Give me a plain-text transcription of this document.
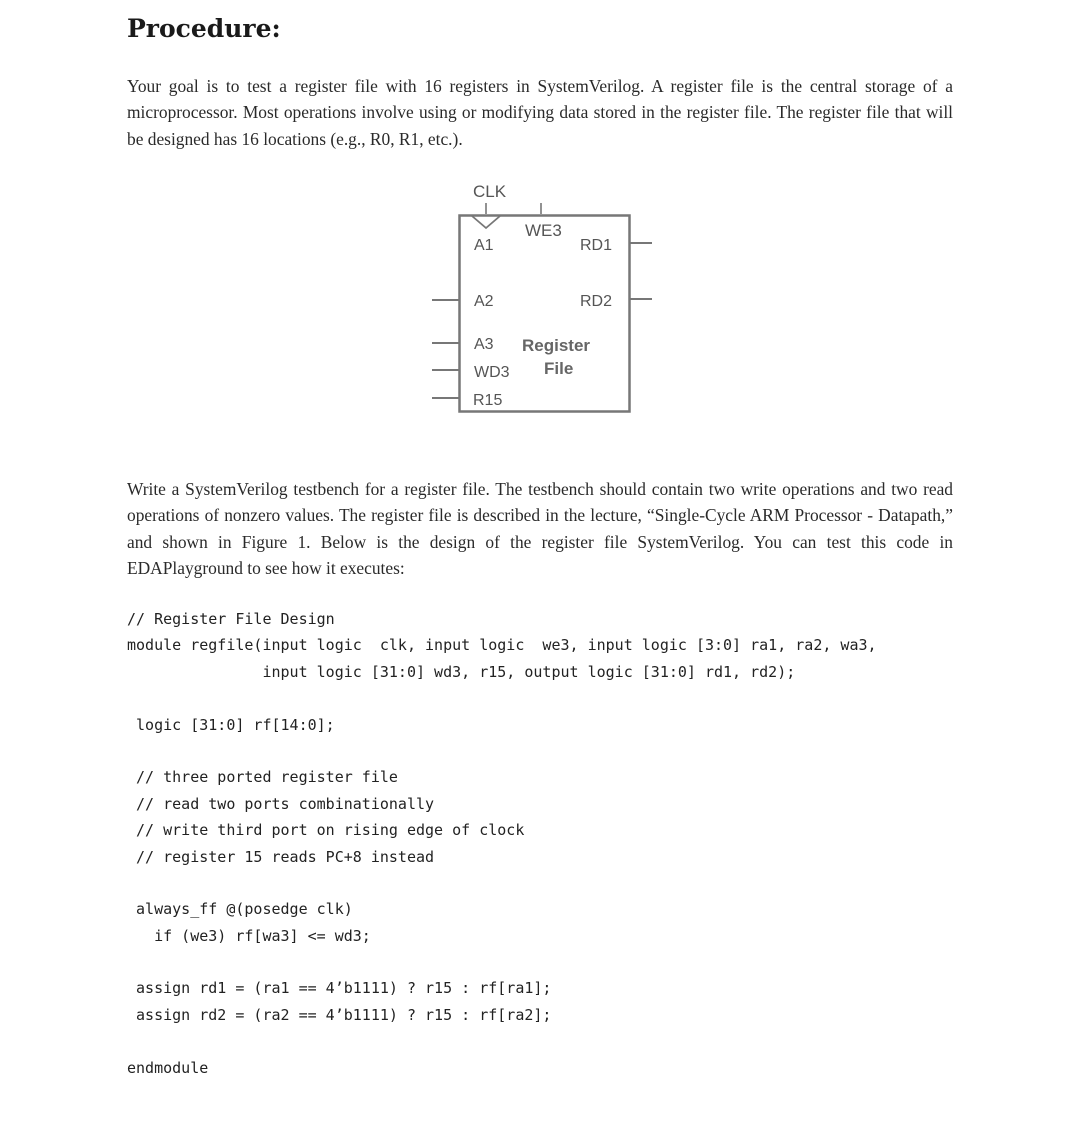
Procedure:

Your goal is to test a register file with 16 registers in SystemVerilog. A register file is the central storage of a microprocessor. Most operations involve using or modifying data stored in the register file. The register file that will be designed has 16 locations (e.g., R0, R1, etc.).

CLK
WE3
A1	RD1
A2	RD2
A3 Register
WD3 File
R15

Write a SystemVerilog testbench for a register file. The testbench should contain two write operations and two read operations of nonzero values. The register file is described in the lecture, “Single-Cycle ARM Processor - Datapath,” and shown in Figure 1. Below is the design of the register file SystemVerilog. You can test this code in EDAPlayground to see how it executes:

// Register File Design
module regfile(input logic  clk, input logic  we3, input logic [3:0] ra1, ra2, wa3,
input logic [31:0] wd3, r15, output logic [31:0] rd1, rd2);
logic [31:0] rf[14:0];
// three ported register file
// read two ports combinationally
// write third port on rising edge of clock
// register 15 reads PC+8 instead
always_ff @(posedge clk)
if (we3) rf[wa3] <= wd3;
assign rd1 = (ra1 == 4’b1111) ? r15 : rf[ra1];
assign rd2 = (ra2 == 4’b1111) ? r15 : rf[ra2];
endmodule
